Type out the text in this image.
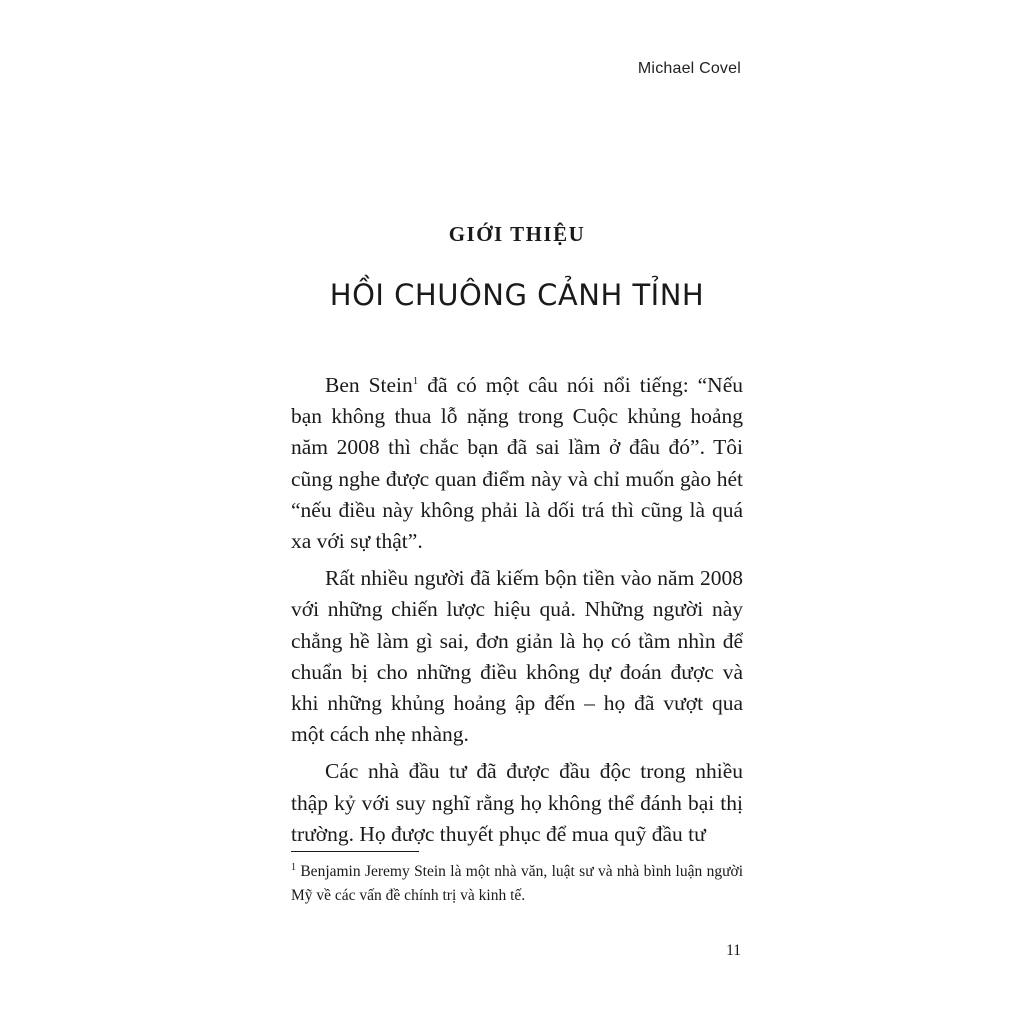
Michael Covel
GIỚI THIỆU
HỒI CHUÔNG CẢNH TỈNH

Ben Stein$^1$ đã có một câu nói nổi tiếng: “Nếu bạn không thua lỗ nặng trong Cuộc khủng hoảng năm 2008 thì chắc bạn đã sai lầm ở đâu đó”. Tôi cũng nghe được quan điểm này và chỉ muốn gào hét “nếu điều này không phải là dối trá thì cũng là quá xa với sự thật”.

Rất nhiều người đã kiếm bộn tiền vào năm 2008 với những chiến lược hiệu quả. Những người này chẳng hề làm gì sai, đơn giản là họ có tầm nhìn để chuẩn bị cho những điều không dự đoán được và khi những khủng hoảng ập đến – họ đã vượt qua một cách nhẹ nhàng.

Các nhà đầu tư đã được đầu độc trong nhiều thập kỷ với suy nghĩ rằng họ không thể đánh bại thị trường. Họ được thuyết phục để mua quỹ đầu tư

$^1$ Benjamin Jeremy Stein là một nhà văn, luật sư và nhà bình luận người Mỹ về các vấn đề chính trị và kinh tế.
11
